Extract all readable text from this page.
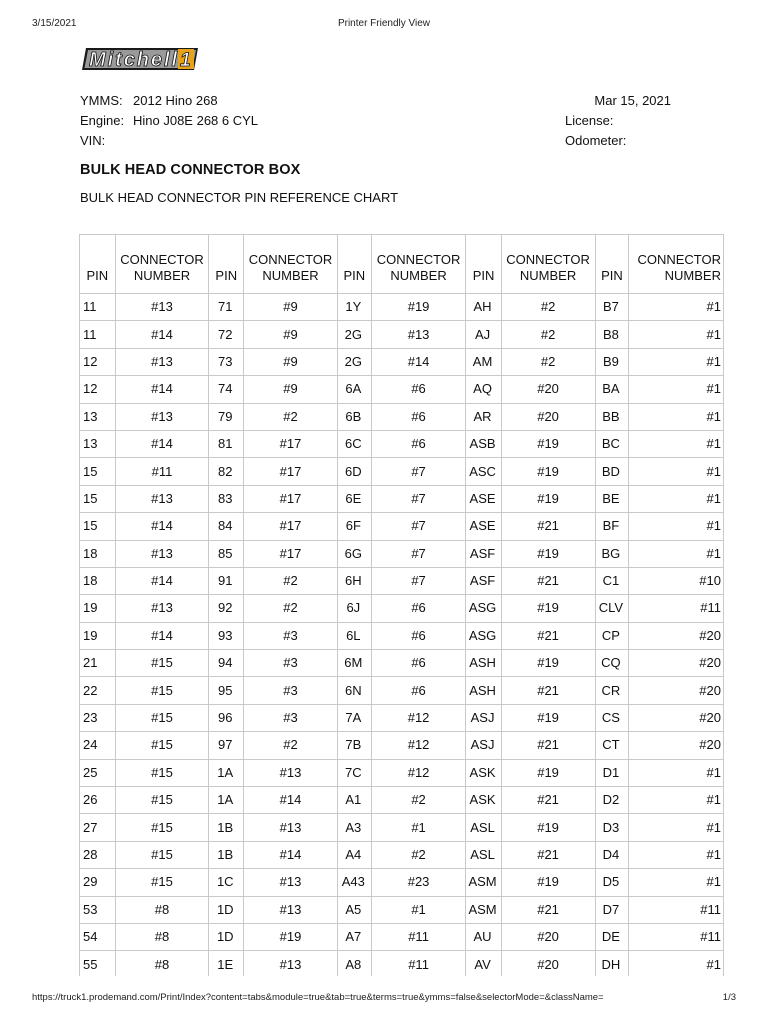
3/15/2021	Printer Friendly View
Mitchell 1
YMMS: 2012 Hino 268
Engine: Hino J08E 268 6 CYL
VIN:
Mar 15, 2021
License:
Odometer:
BULK HEAD CONNECTOR BOX
BULK HEAD CONNECTOR PIN REFERENCE CHART
PIN	CONNECTOR NUMBER	PIN	CONNECTOR NUMBER	PIN	CONNECTOR NUMBER	PIN	CONNECTOR NUMBER	PIN	CONNECTOR NUMBER
11	#13	71	#9	1Y	#19	AH	#2	B7	#1
11	#14	72	#9	2G	#13	AJ	#2	B8	#1
12	#13	73	#9	2G	#14	AM	#2	B9	#1
12	#14	74	#9	6A	#6	AQ	#20	BA	#1
13	#13	79	#2	6B	#6	AR	#20	BB	#1
13	#14	81	#17	6C	#6	ASB	#19	BC	#1
15	#11	82	#17	6D	#7	ASC	#19	BD	#1
15	#13	83	#17	6E	#7	ASE	#19	BE	#1
15	#14	84	#17	6F	#7	ASE	#21	BF	#1
18	#13	85	#17	6G	#7	ASF	#19	BG	#1
18	#14	91	#2	6H	#7	ASF	#21	C1	#10
19	#13	92	#2	6J	#6	ASG	#19	CLV	#11
19	#14	93	#3	6L	#6	ASG	#21	CP	#20
21	#15	94	#3	6M	#6	ASH	#19	CQ	#20
22	#15	95	#3	6N	#6	ASH	#21	CR	#20
23	#15	96	#3	7A	#12	ASJ	#19	CS	#20
24	#15	97	#2	7B	#12	ASJ	#21	CT	#20
25	#15	1A	#13	7C	#12	ASK	#19	D1	#1
26	#15	1A	#14	A1	#2	ASK	#21	D2	#1
27	#15	1B	#13	A3	#1	ASL	#19	D3	#1
28	#15	1B	#14	A4	#2	ASL	#21	D4	#1
29	#15	1C	#13	A43	#23	ASM	#19	D5	#1
53	#8	1D	#13	A5	#1	ASM	#21	D7	#11
54	#8	1D	#19	A7	#11	AU	#20	DE	#11
55	#8	1E	#13	A8	#11	AV	#20	DH	#1
https://truck1.prodemand.com/Print/Index?content=tabs&module=true&tab=true&terms=true&ymms=false&selectorMode=&className=	1/3
